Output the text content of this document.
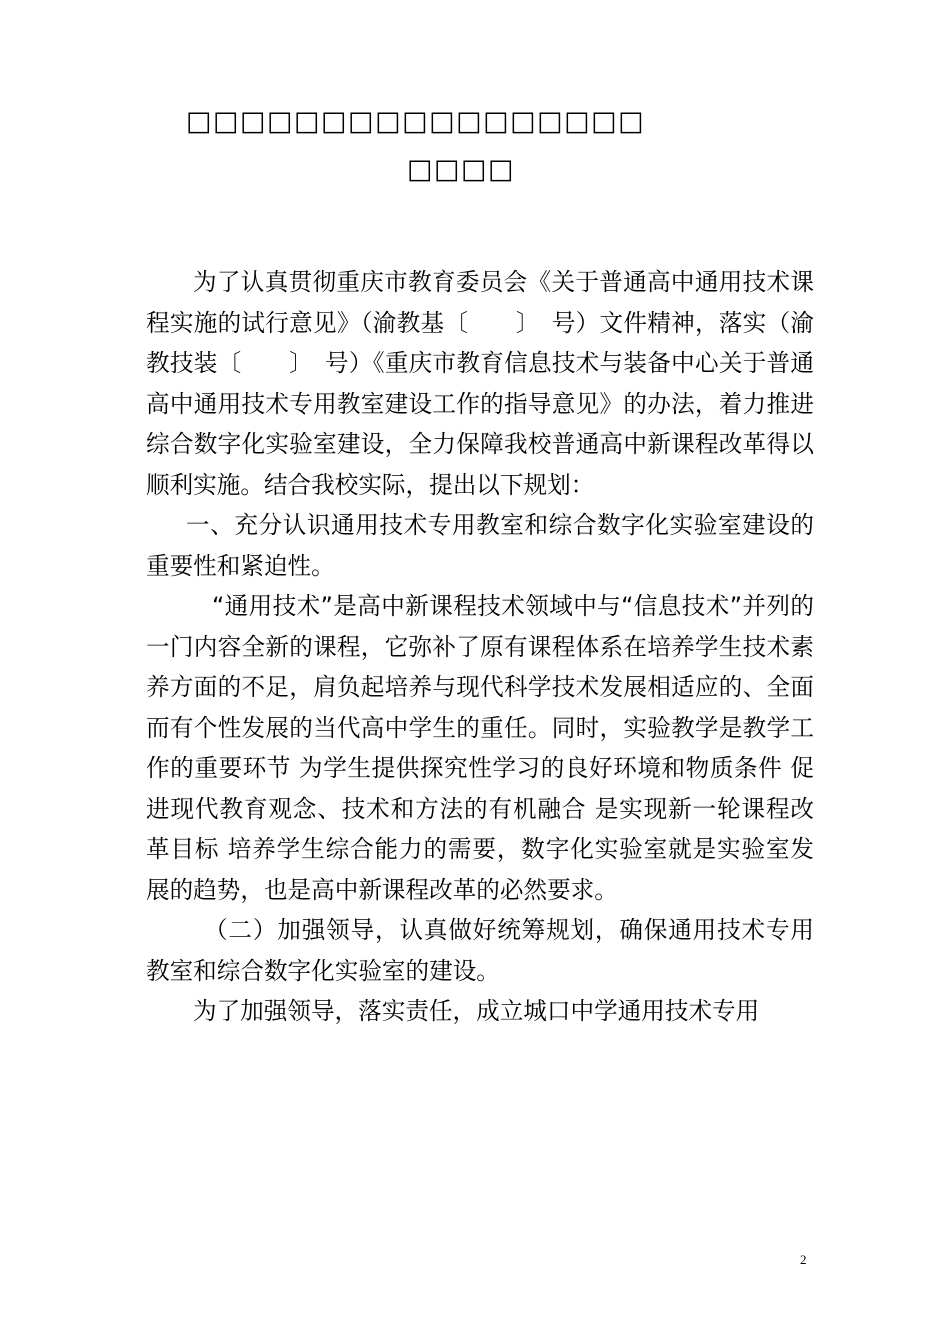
□□□□□□□□□□□□□□□□□
□□□□

为了认真贯彻重庆市教育委员会《关于普通高中通用技术课程实施的试行意见》（渝教基〔　　〕　号）文件精神，落实（渝教技装〔　　〕　号）《重庆市教育信息技术与装备中心关于普通高中通用技术专用教室建设工作的指导意见》的办法，着力推进综合数字化实验室建设，全力保障我校普通高中新课程改革得以顺利实施。结合我校实际，提出以下规划：

一、充分认识通用技术专用教室和综合数字化实验室建设的重要性和紧迫性。

“通用技术”是高中新课程技术领域中与“信息技术”并列的一门内容全新的课程，它弥补了原有课程体系在培养学生技术素养方面的不足，肩负起培养与现代科学技术发展相适应的、全面而有个性发展的当代高中学生的重任。同时，实验教学是教学工作的重要环节 为学生提供探究性学习的良好环境和物质条件 促进现代教育观念、技术和方法的有机融合 是实现新一轮课程改革目标 培养学生综合能力的需要，数字化实验室就是实验室发展的趋势，也是高中新课程改革的必然要求。

（二）加强领导，认真做好统筹规划，确保通用技术专用教室和综合数字化实验室的建设。

为了加强领导，落实责任，成立城口中学通用技术专用

2
